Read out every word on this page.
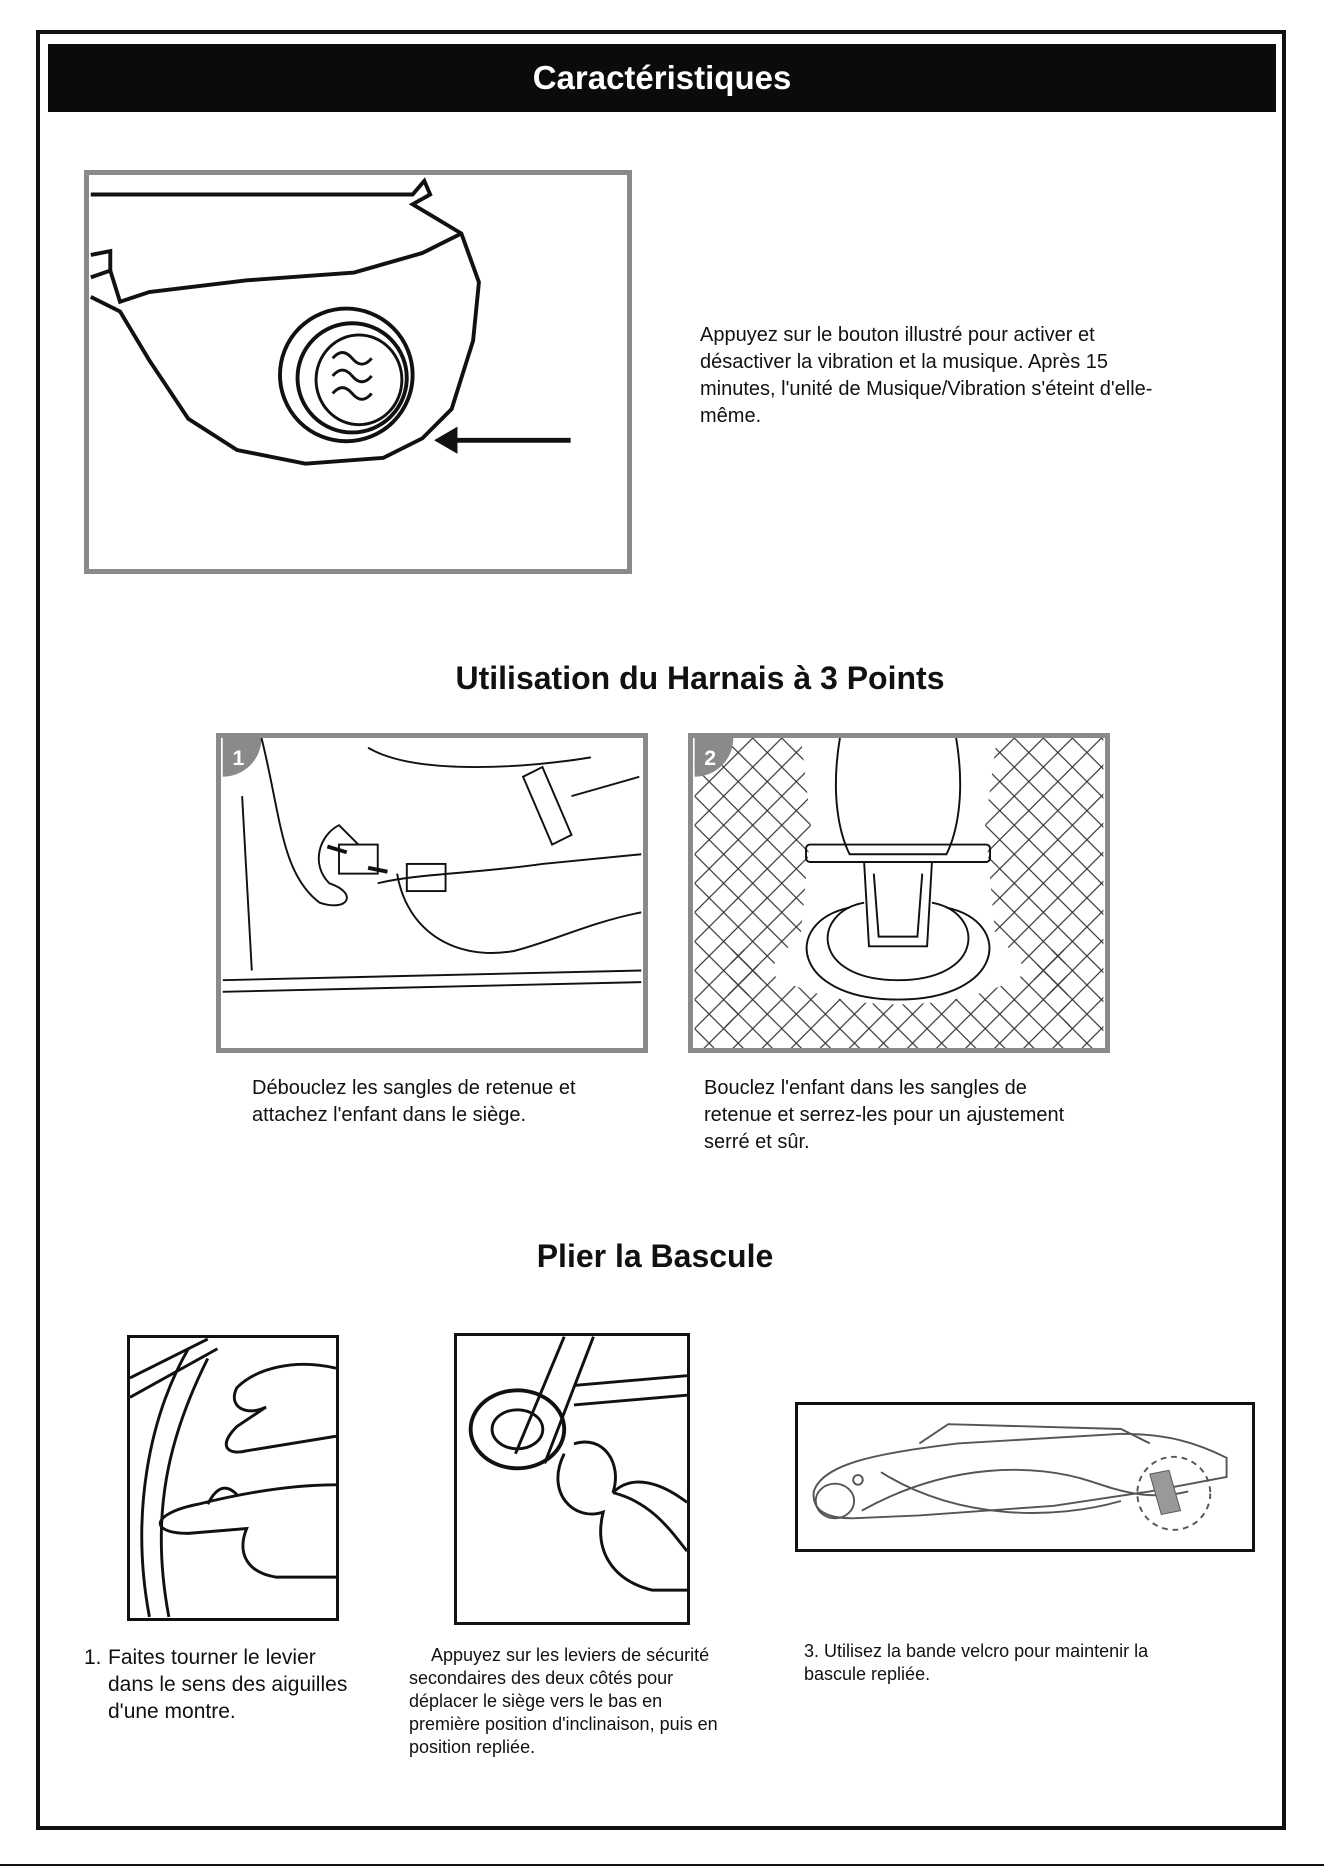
Caractéristiques
Appuyez sur le bouton illustré pour activer et désactiver la vibration et la musique. Après 15 minutes, l'unité de Musique/Vibration s'éteint d'elle-même.
Utilisation du Harnais à 3 Points
1
Débouclez les sangles de retenue et attachez l'enfant dans le siège.
2
Bouclez l'enfant dans les sangles de retenue et serrez-les pour un ajustement serré et sûr.
Plier la Bascule
1. Faites tourner le levier dans le sens des aiguilles d'une montre.
Appuyez sur les leviers de sécurité secondaires des deux côtés pour déplacer le siège vers le bas en première position d'inclinaison, puis en position repliée.
3. Utilisez la bande velcro pour maintenir la bascule repliée.
